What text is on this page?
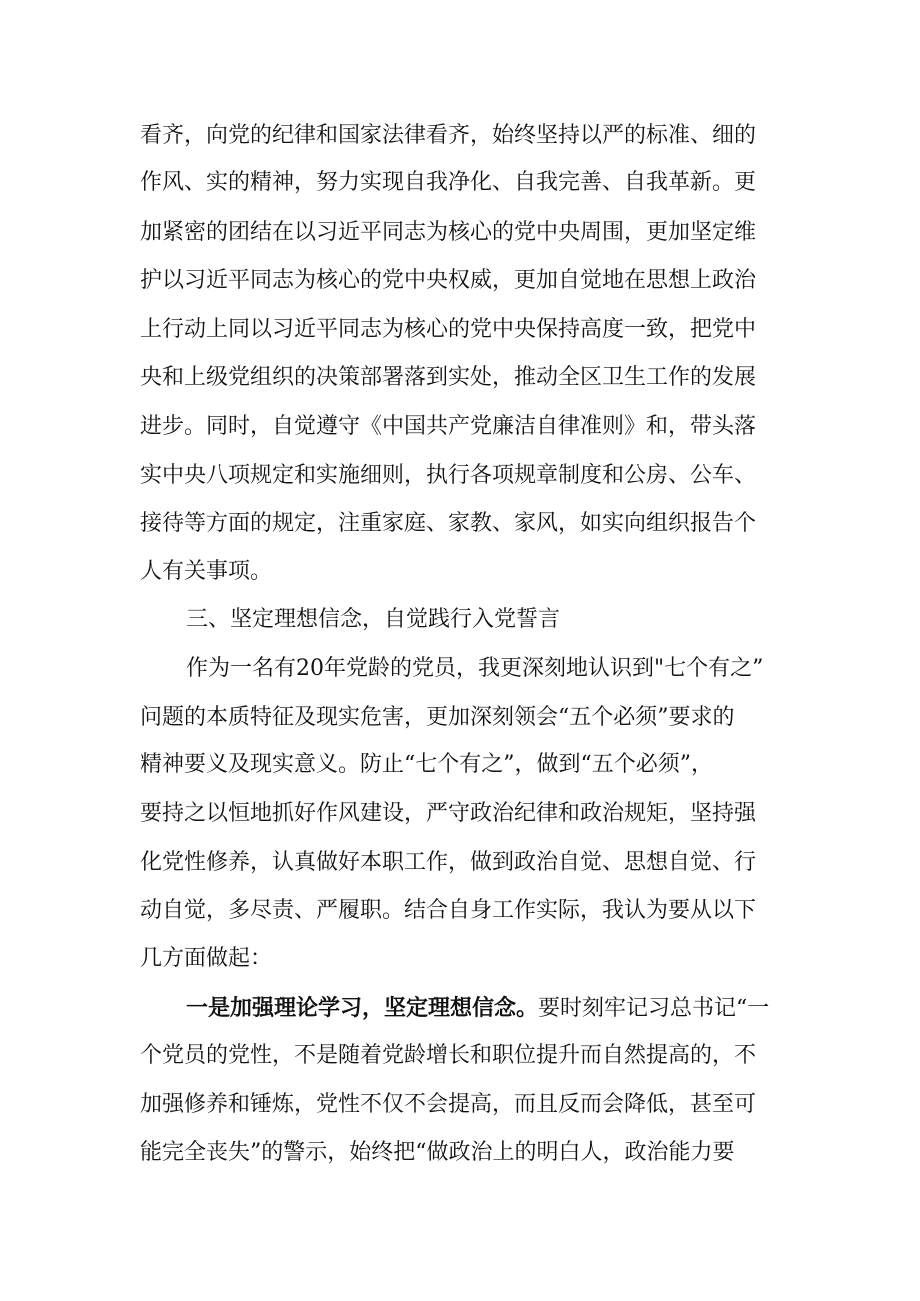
看齐，向党的纪律和国家法律看齐，始终坚持以严的标准、细的
作风、实的精神，努力实现自我净化、自我完善、自我革新。更
加紧密的团结在以习近平同志为核心的党中央周围，更加坚定维
护以习近平同志为核心的党中央权威，更加自觉地在思想上政治
上行动上同以习近平同志为核心的党中央保持高度一致，把党中
央和上级党组织的决策部署落到实处，推动全区卫生工作的发展
进步。同时，自觉遵守《中国共产党廉洁自律准则》和，带头落
实中央八项规定和实施细则，执行各项规章制度和公房、公车、
接待等方面的规定，注重家庭、家教、家风，如实向组织报告个
人有关事项。
三、坚定理想信念，自觉践行入党誓言
作为一名有20年党龄的党员，我更深刻地认识到"七个有之”
问题的本质特征及现实危害，更加深刻领会“五个必须”要求的
精神要义及现实意义。防止“七个有之”，做到“五个必须”，
要持之以恒地抓好作风建设，严守政治纪律和政治规矩，坚持强
化党性修养，认真做好本职工作，做到政治自觉、思想自觉、行
动自觉，多尽责、严履职。结合自身工作实际，我认为要从以下
几方面做起：
一是加强理论学习，坚定理想信念。要时刻牢记习总书记“一
个党员的党性，不是随着党龄增长和职位提升而自然提高的，不
加强修养和锤炼，党性不仅不会提高，而且反而会降低，甚至可
能完全丧失”的警示，始终把“做政治上的明白人，政治能力要
